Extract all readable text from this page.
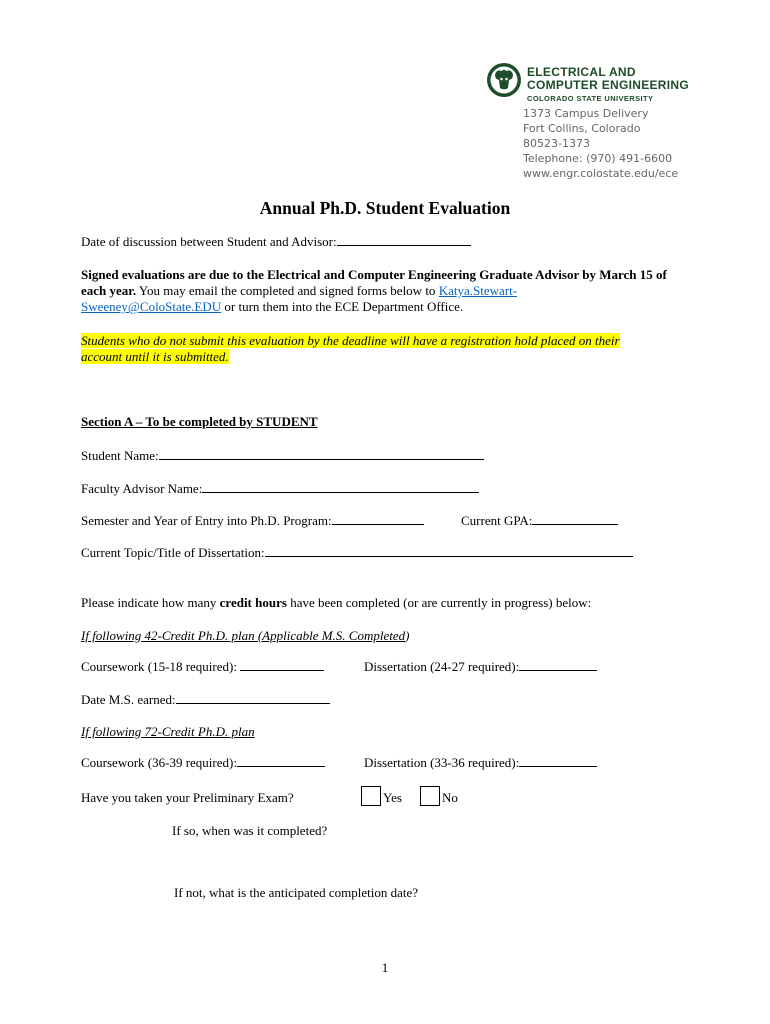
ELECTRICAL AND
COMPUTER ENGINEERING
COLORADO STATE UNIVERSITY
1373 Campus Delivery
Fort Collins, Colorado
80523-1373
Telephone: (970) 491-6600
www.engr.colostate.edu/ece
Annual Ph.D. Student Evaluation
Date of discussion between Student and Advisor:
Signed evaluations are due to the Electrical and Computer Engineering Graduate Advisor by March 15 of each year. You may email the completed and signed forms below to Katya.Stewart-
Sweeney@ColoState.EDU or turn them into the ECE Department Office.
Students who do not submit this evaluation by the deadline will have a registration hold placed on their
account until it is submitted.
Section A – To be completed by STUDENT
Student Name:
Faculty Advisor Name:
Semester and Year of Entry into Ph.D. Program:	Current GPA:
Current Topic/Title of Dissertation:
Please indicate how many credit hours have been completed (or are currently in progress) below:
If following 42-Credit Ph.D. plan (Applicable M.S. Completed)
Coursework (15-18 required):	Dissertation (24-27 required):
Date M.S. earned:
If following 72-Credit Ph.D. plan
Coursework (36-39 required):	Dissertation (33-36 required):
Have you taken your Preliminary Exam?	Yes	No
If so, when was it completed?
If not, what is the anticipated completion date?
1
